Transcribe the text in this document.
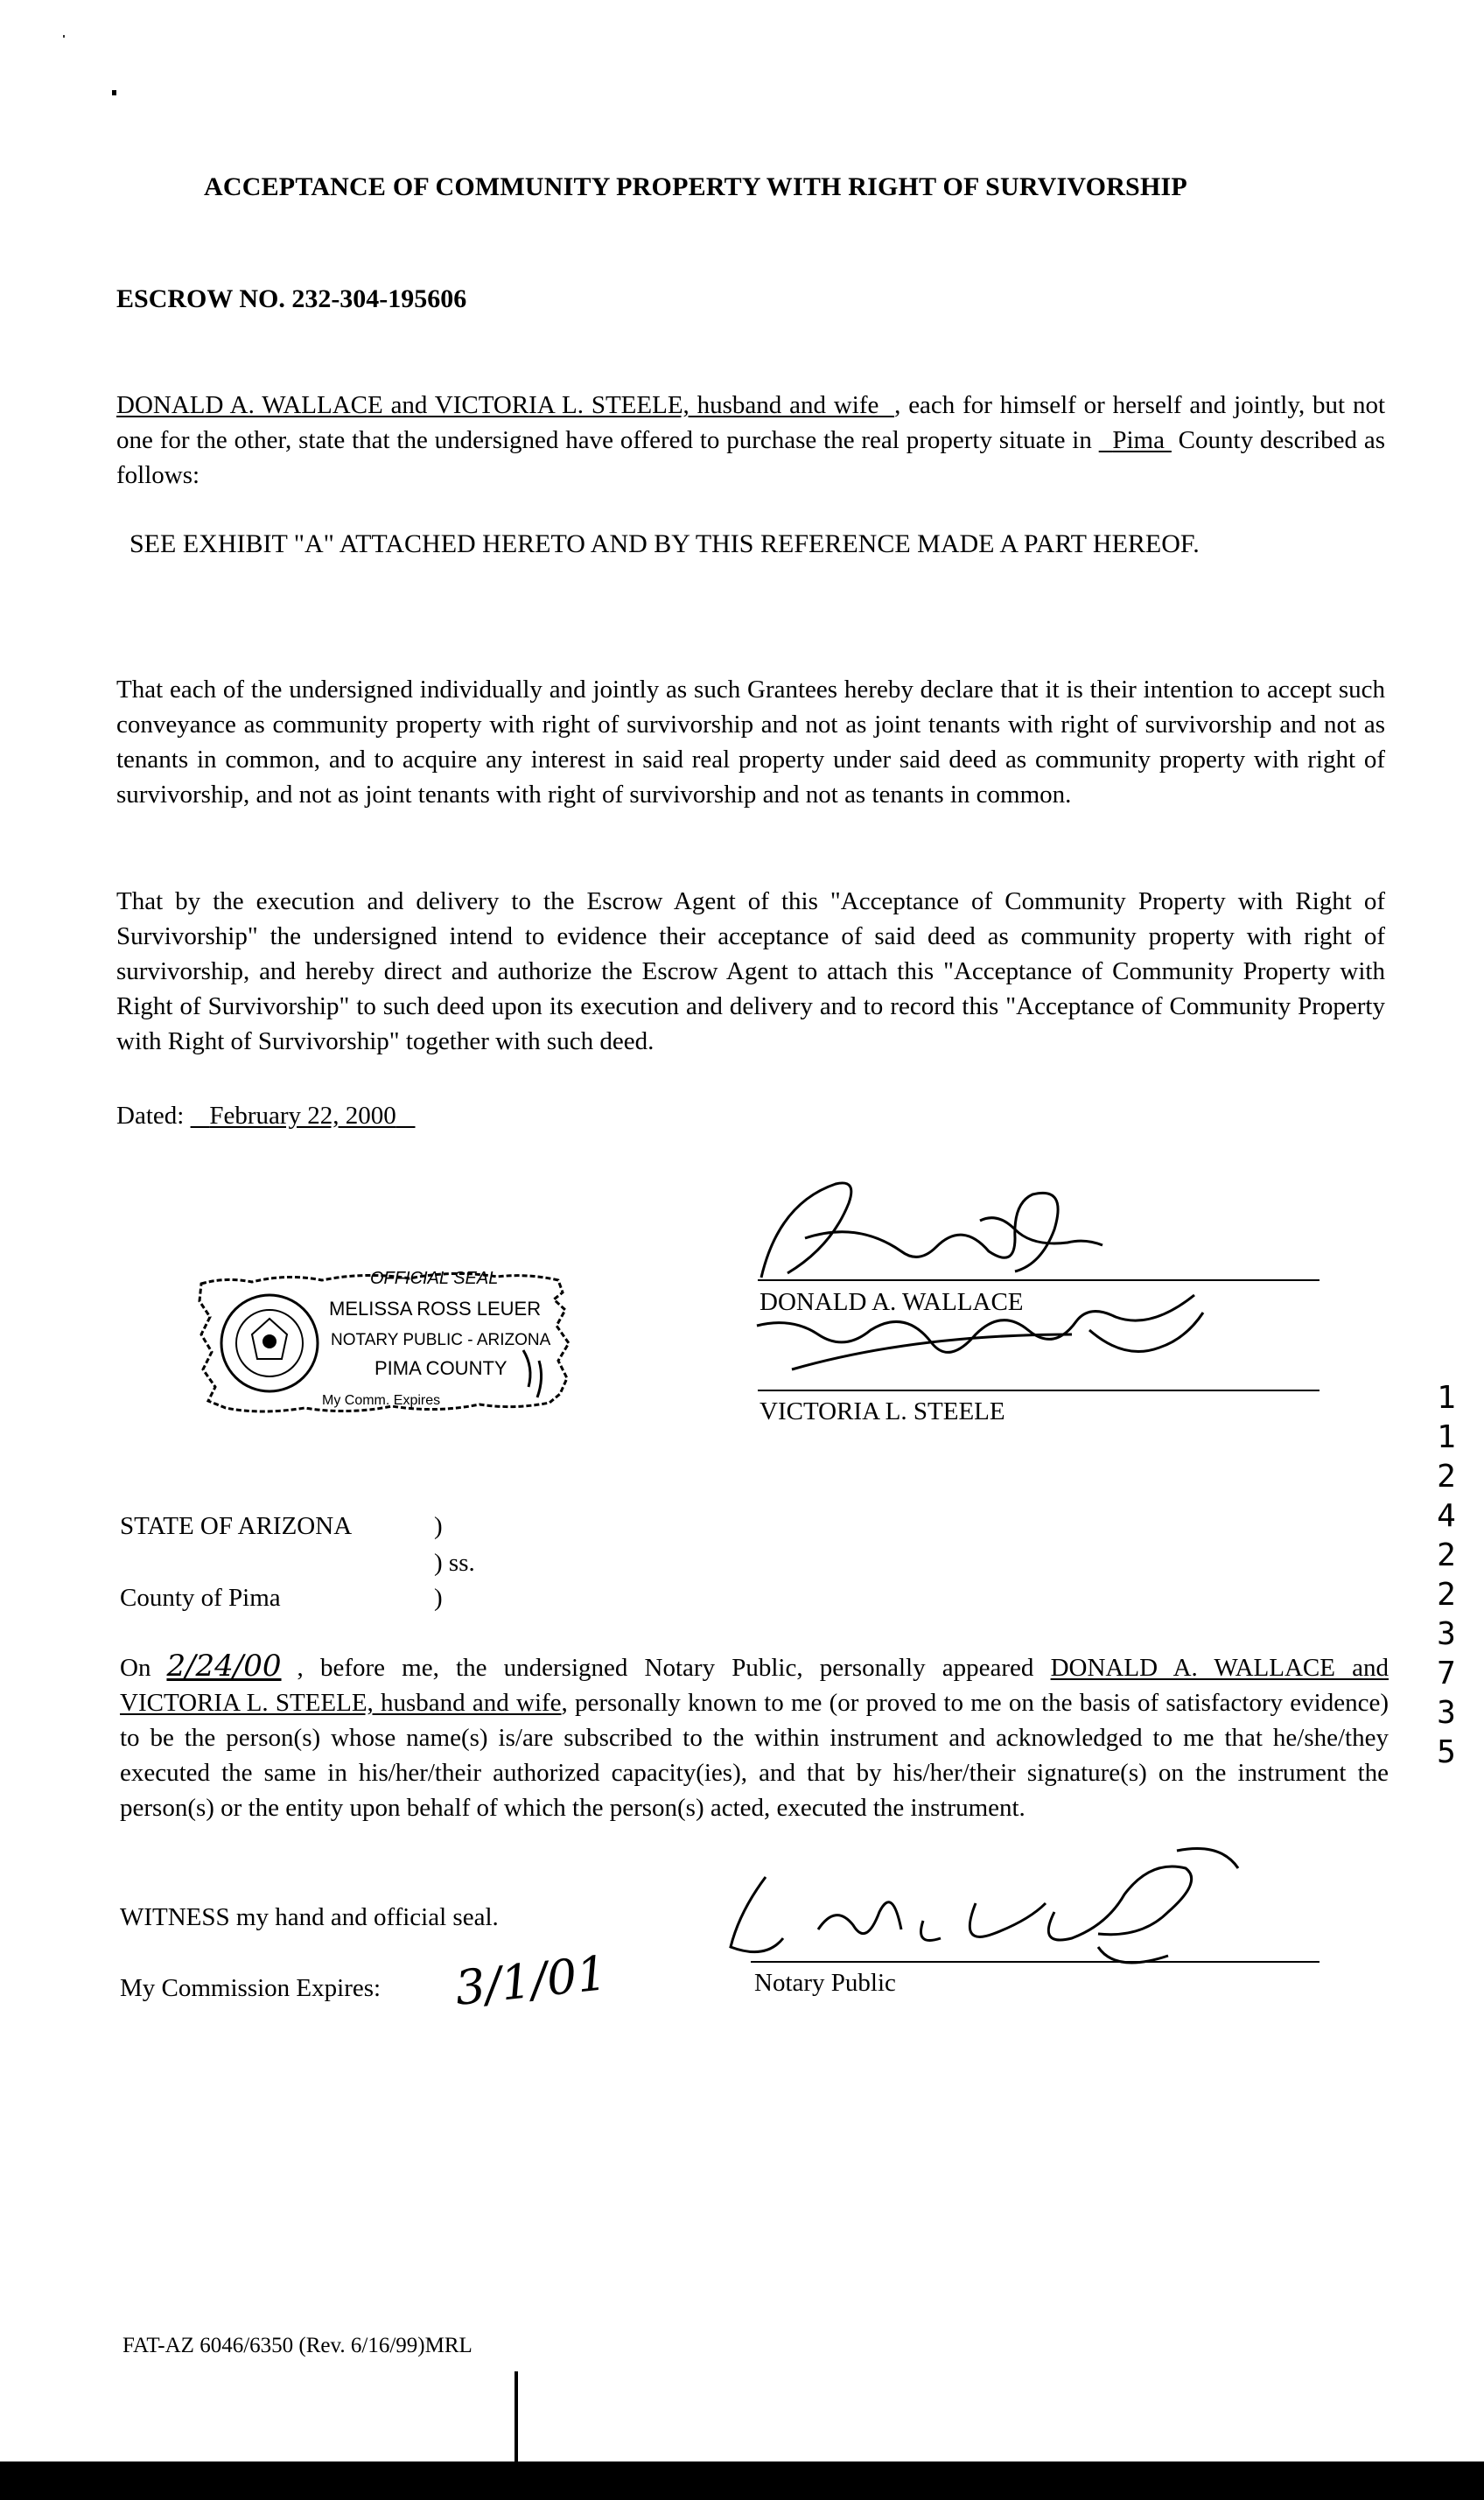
ACCEPTANCE OF COMMUNITY PROPERTY WITH RIGHT OF SURVIVORSHIP
ESCROW NO. 232-304-195606
DONALD A. WALLACE and VICTORIA L. STEELE, husband and wife , each for himself or herself and jointly, but not one for the other, state that the undersigned have offered to purchase the real property situate in   Pima  County described as follows:
SEE EXHIBIT "A" ATTACHED HERETO AND BY THIS REFERENCE MADE A PART HEREOF.
That each of the undersigned individually and jointly as such Grantees hereby declare that it is their intention to accept such conveyance as community property with right of survivorship and not as joint tenants with right of survivorship and not as tenants in common, and to acquire any interest in said real property under said deed as community property with right of survivorship, and not as joint tenants with right of survivorship and not as tenants in common.
That by the execution and delivery to the Escrow Agent of this "Acceptance of Community Property with Right of Survivorship" the undersigned intend to evidence their acceptance of said deed as community property with right of survivorship, and hereby direct and authorize the Escrow Agent to attach this "Acceptance of Community Property with Right of Survivorship" to such deed upon its execution and delivery and to record this "Acceptance of Community Property with Right of Survivorship" together with such deed.
Dated: February 22, 2000
OFFICIAL SEAL
MELISSA ROSS LEUER
NOTARY PUBLIC - ARIZONA
PIMA COUNTY
My Comm. Expires
DONALD A. WALLACE
VICTORIA L. STEELE	1124223735
STATE OF ARIZONA	)
) ss.
County of Pima	)
On 2/24/00 , before me, the undersigned Notary Public, personally appeared DONALD A. WALLACE and VICTORIA L. STEELE, husband and wife, personally known to me (or proved to me on the basis of satisfactory evidence) to be the person(s) whose name(s) is/are subscribed to the within instrument and acknowledged to me that he/she/they executed the same in his/her/their authorized capacity(ies), and that by his/her/their signature(s) on the instrument the person(s) or the entity upon behalf of which the person(s) acted, executed the instrument.
WITNESS my hand and official seal.
My Commission Expires: 3/1/01	Notary Public
FAT-AZ 6046/6350 (Rev. 6/16/99)MRL
